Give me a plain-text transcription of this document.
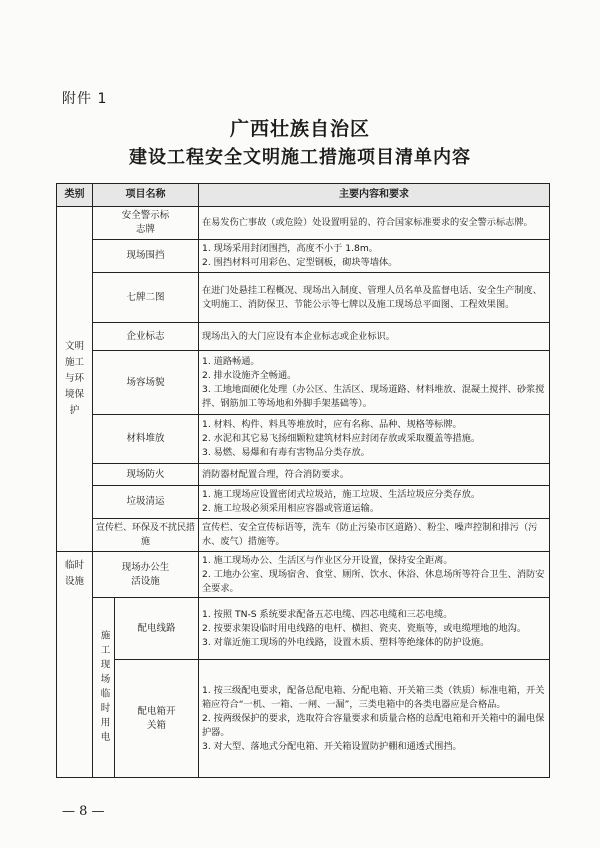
附件 1
广西壮族自治区
建设工程安全文明施工措施项目清单内容
类别	项目名称		主要内容和要求

文明施工与环境保护	安全警示标志牌		在易发伤亡事故（或危险）处设置明显的、符合国家标准要求的安全警示标志牌。

	现场围挡		1. 现场采用封闭围挡，高度不小于 1.8m。
2. 围挡材料可用彩色、定型钢板，砌块等墙体。

	七牌二图		在进门处悬挂工程概况、现场出入制度、管理人员名单及监督电话、安全生产制度、文明施工、消防保卫、节能公示等七牌以及施工现场总平面图、工程效果图。

	企业标志		现场出入的大门应设有本企业标志或企业标识。

	场容场貌		1. 道路畅通。
2. 排水设施齐全畅通。
3. 工地地面硬化处理（办公区、生活区、现场道路、材料堆放、混凝土搅拌、砂浆搅拌、钢筋加工等场地和外脚手架基础等）。

	材料堆放		1. 材料、构件、料具等堆放时，应有名称、品种、规格等标牌。
2. 水泥和其它易飞扬细颗粒建筑材料应封闭存放或采取覆盖等措施。
3. 易燃、易爆和有毒有害物品分类存放。

	现场防火		消防器材配置合理，符合消防要求。

	垃圾清运		1. 施工现场应设置密闭式垃圾站，施工垃圾、生活垃圾应分类存放。
2. 施工垃圾必须采用相应容器或管道运输。

	宣传栏、环保及不扰民措施		宣传栏、安全宣传标语等，洗车（防止污染市区道路）、粉尘、噪声控制和排污（污水、废气）措施等。

临时设施	现场办公生活设施		1. 施工现场办公、生活区与作业区分开设置，保持安全距离。
2. 工地办公室、现场宿舍、食堂、厕所、饮水、休浴、休息场所等符合卫生、消防安全要求。

	施工现场临时用电	配电线路	1. 按照 TN-S 系统要求配备五芯电缆、四芯电缆和三芯电缆。
2. 按要求架设临时用电线路的电杆、横担、瓷夹、瓷瓶等，或电缆埋地的地沟。
3. 对靠近施工现场的外电线路，设置木质、塑料等绝缘体的防护设施。

		配电箱开关箱	1. 按三级配电要求，配备总配电箱、分配电箱、开关箱三类（铁质）标准电箱，开关箱应符合“一机、一箱、一闸、一漏”，三类电箱中的各类电器应是合格品。
2. 按两级保护的要求，选取符合容量要求和质量合格的总配电箱和开关箱中的漏电保护器。
3. 对大型、落地式分配电箱、开关箱设置防护棚和通透式围挡。
— 8 —
